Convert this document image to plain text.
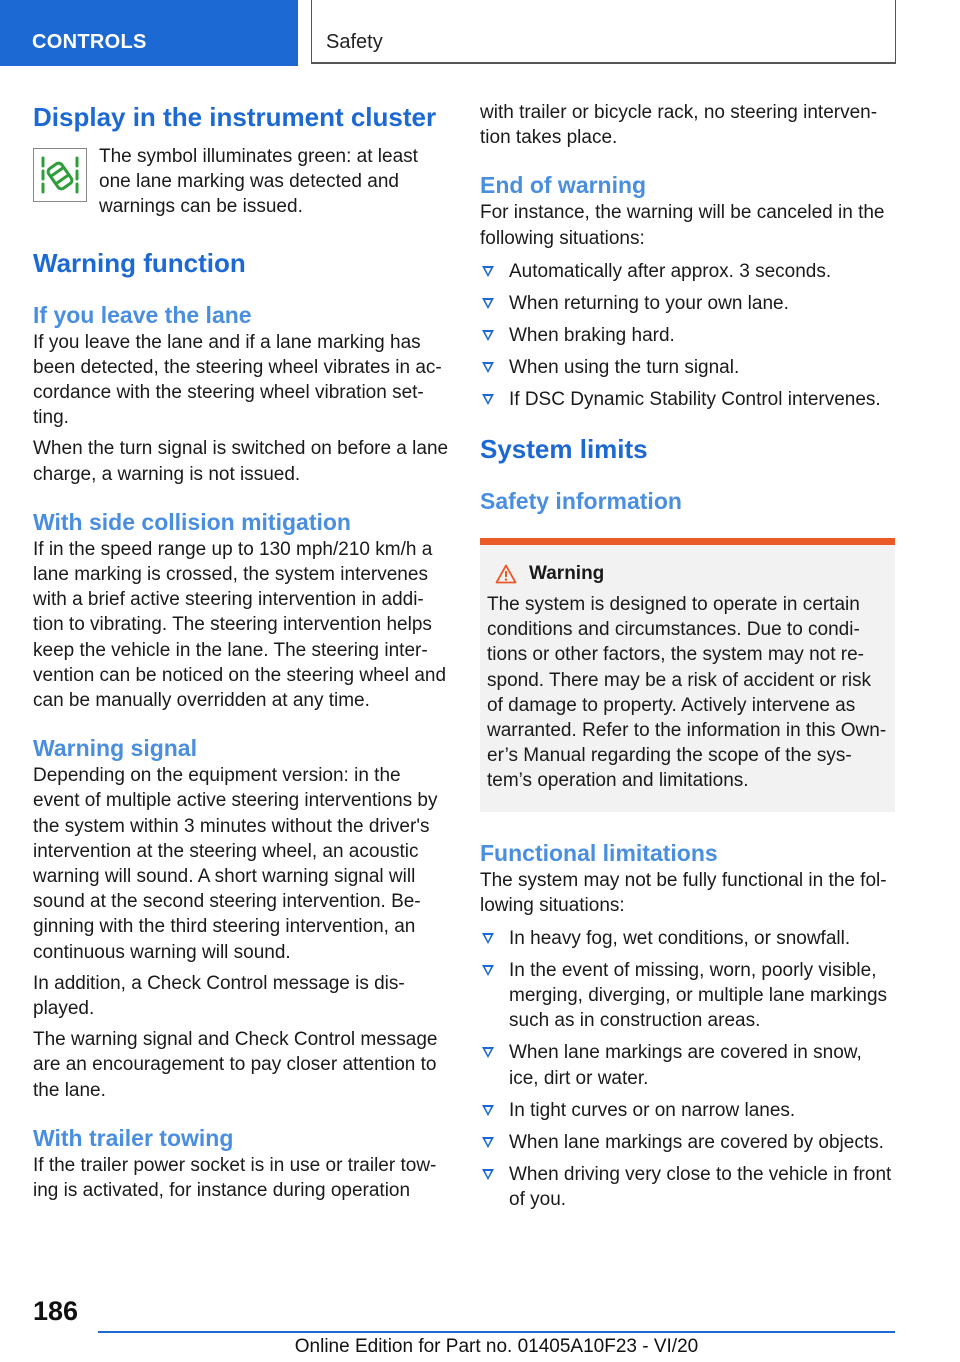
CONTROLS	Safety
Display in the instrument cluster

The symbol illuminates green: at least one lane marking was detected and warnings can be issued.

Warning function
If you leave the lane

If you leave the lane and if a lane marking has been detected, the steering wheel vibrates in ac-cordance with the steering wheel vibration set-ting.

When the turn signal is switched on before a lane charge, a warning is not issued.

With side collision mitigation

If in the speed range up to 130 mph/210 km/h a lane marking is crossed, the system intervenes with a brief active steering intervention in addi-tion to vibrating. The steering intervention helps keep the vehicle in the lane. The steering inter-vention can be noticed on the steering wheel and can be manually overridden at any time.

Warning signal

Depending on the equipment version: in the event of multiple active steering interventions by the system within 3 minutes without the driver's intervention at the steering wheel, an acoustic warning will sound. A short warning signal will sound at the second steering intervention. Be-ginning with the third steering intervention, an continuous warning will sound.

In addition, a Check Control message is dis-played.

The warning signal and Check Control message are an encouragement to pay closer attention to the lane.

With trailer towing

If the trailer power socket is in use or trailer tow-ing is activated, for instance during operation

with trailer or bicycle rack, no steering interven-tion takes place.

End of warning

For instance, the warning will be canceled in the following situations:

Automatically after approx. 3 seconds.
When returning to your own lane.
When braking hard.
When using the turn signal.
If DSC Dynamic Stability Control intervenes.
System limits
Safety information
Warning

The system is designed to operate in certain conditions and circumstances. Due to condi-tions or other factors, the system may not re-spond. There may be a risk of accident or risk of damage to property. Actively intervene as warranted. Refer to the information in this Own-er’s Manual regarding the scope of the sys-tem’s operation and limitations.

Functional limitations

The system may not be fully functional in the fol-lowing situations:

In heavy fog, wet conditions, or snowfall.
In the event of missing, worn, poorly visible, merging, diverging, or multiple lane markings such as in construction areas.
When lane markings are covered in snow, ice, dirt or water.
In tight curves or on narrow lanes.
When lane markings are covered by objects.
When driving very close to the vehicle in front of you.
186
Online Edition for Part no. 01405A10F23 - VI/20
